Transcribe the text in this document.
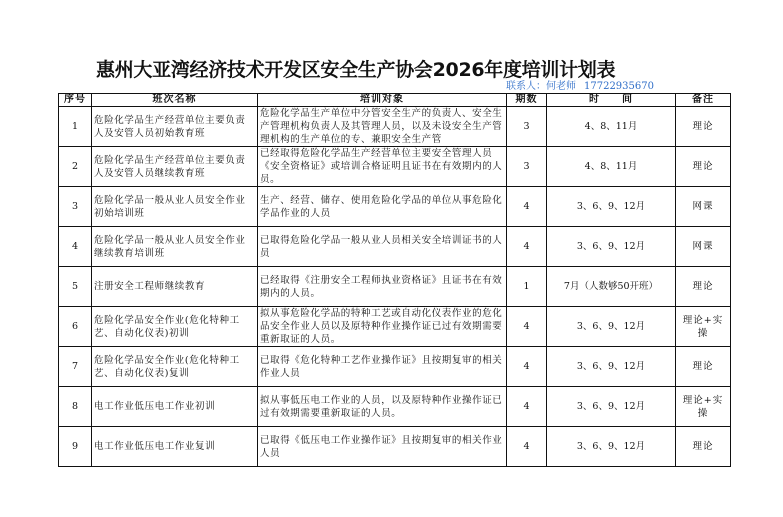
惠州大亚湾经济技术开发区安全生产协会2026年度培训计划表
联系人：何老师 17722935670
序号	班次名称	培训对象	期数	时　　间	备注
1	危险化学品生产经营单位主要负责人及安管人员初始教育班	危险化学品生产单位中分管安全生产的负责人、安全生产管理机构负责人及其管理人员，以及未设安全生产管理机构的生产单位的专、兼职安全生产管	3	4、8、11月	理论
2	危险化学品生产经营单位主要负责人及安管人员继续教育班	已经取得危险化学品生产经营单位主要安全管理人员《安全资格证》或培训合格证明且证书在有效期内的人员。	3	4、8、11月	理论
3	危险化学品一般从业人员安全作业初始培训班	生产、经营、储存、使用危险化学品的单位从事危险化学品作业的人员	4	3、6、9、12月	网课
4	危险化学品一般从业人员安全作业继续教育培训班	已取得危险化学品一般从业人员相关安全培训证书的人员	4	3、6、9、12月	网课
5	注册安全工程师继续教育	已经取得《注册安全工程师执业资格证》且证书在有效期内的人员。	1	7月（人数够50开班）	理论
6	危险化学品安全作业(危化特种工艺、自动化仪表)初训	拟从事危险化学品的特种工艺或自动化仪表作业的危化品安全作业人员以及原特种作业操作证已过有效期需要重新取证的人员。	4	3、6、9、12月	理论+实操
7	危险化学品安全作业(危化特种工艺、自动化仪表)复训	已取得《危化特种工艺作业操作证》且按期复审的相关作业人员	4	3、6、9、12月	理论
8	电工作业低压电工作业初训	拟从事低压电工作业的人员，以及原特种作业操作证已过有效期需要重新取证的人员。	4	3、6、9、12月	理论+实操
9	电工作业低压电工作业复训	已取得《低压电工作业操作证》且按期复审的相关作业人员	4	3、6、9、12月	理论
